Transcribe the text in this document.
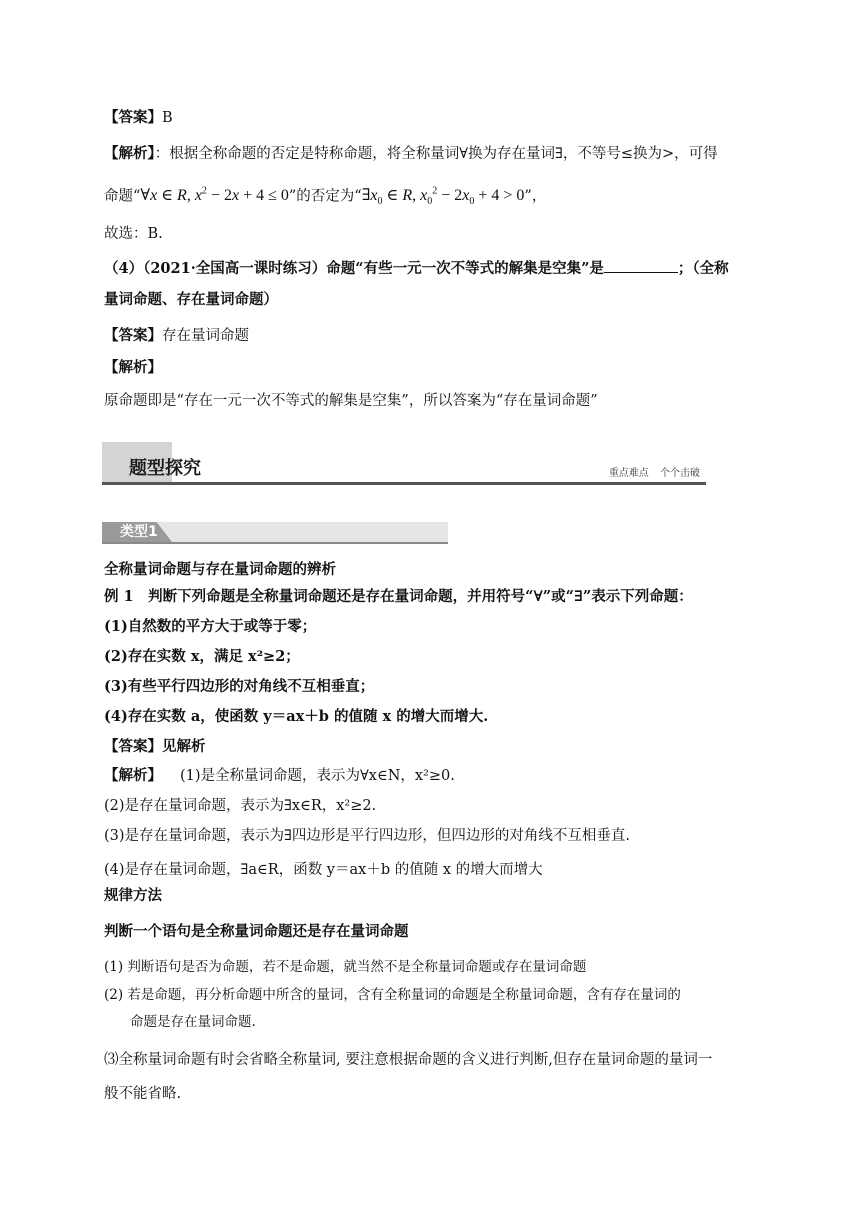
【答案】B
【解析】：根据全称命题的否定是特称命题，将全称量词∀换为存在量词∃，不等号≤换为>，可得
命题“∀x ∈ R, $x^2 - 2x + 4 \le 0$”的否定为“$\exists x_0$ ∈ R, $x_0^2 - 2x_0 + 4 > 0$”，
故选：B.
（4）（2021·全国高一课时练习）命题“有些一元一次不等式的解集是空集”是	；（全称
量词命题、存在量词命题）
【答案】存在量词命题
【解析】
原命题即是“存在一元一次不等式的解集是空集”，所以答案为“存在量词命题”
题型探究	重点难点 个个击破
类型1
全称量词命题与存在量词命题的辨析
例 1　判断下列命题是全称量词命题还是存在量词命题，并用符号“∀”或“∃”表示下列命题：
(1)自然数的平方大于或等于零；
(2)存在实数 x，满足 x²≥2；
(3)有些平行四边形的对角线不互相垂直；
(4)存在实数 a，使函数 y＝ax＋b 的值随 x 的增大而增大.
【答案】见解析
【解析】 (1)是全称量词命题，表示为∀x∈N，x²≥0.
(2)是存在量词命题，表示为∃x∈R，x²≥2.
(3)是存在量词命题，表示为∃四边形是平行四边形，但四边形的对角线不互相垂直.
(4)是存在量词命题，∃a∈R，函数 y＝ax＋b 的值随 x 的增大而增大
规律方法
判断一个语句是全称量词命题还是存在量词命题
(1) 判断语句是否为命题，若不是命题，就当然不是全称量词命题或存在量词命题
(2) 若是命题，再分析命题中所含的量词，含有全称量词的命题是全称量词命题，含有存在量词的
命题是存在量词命题.
⑶全称量词命题有时会省略全称量词, 要注意根据命题的含义进行判断,但存在量词命题的量词一
般不能省略.
